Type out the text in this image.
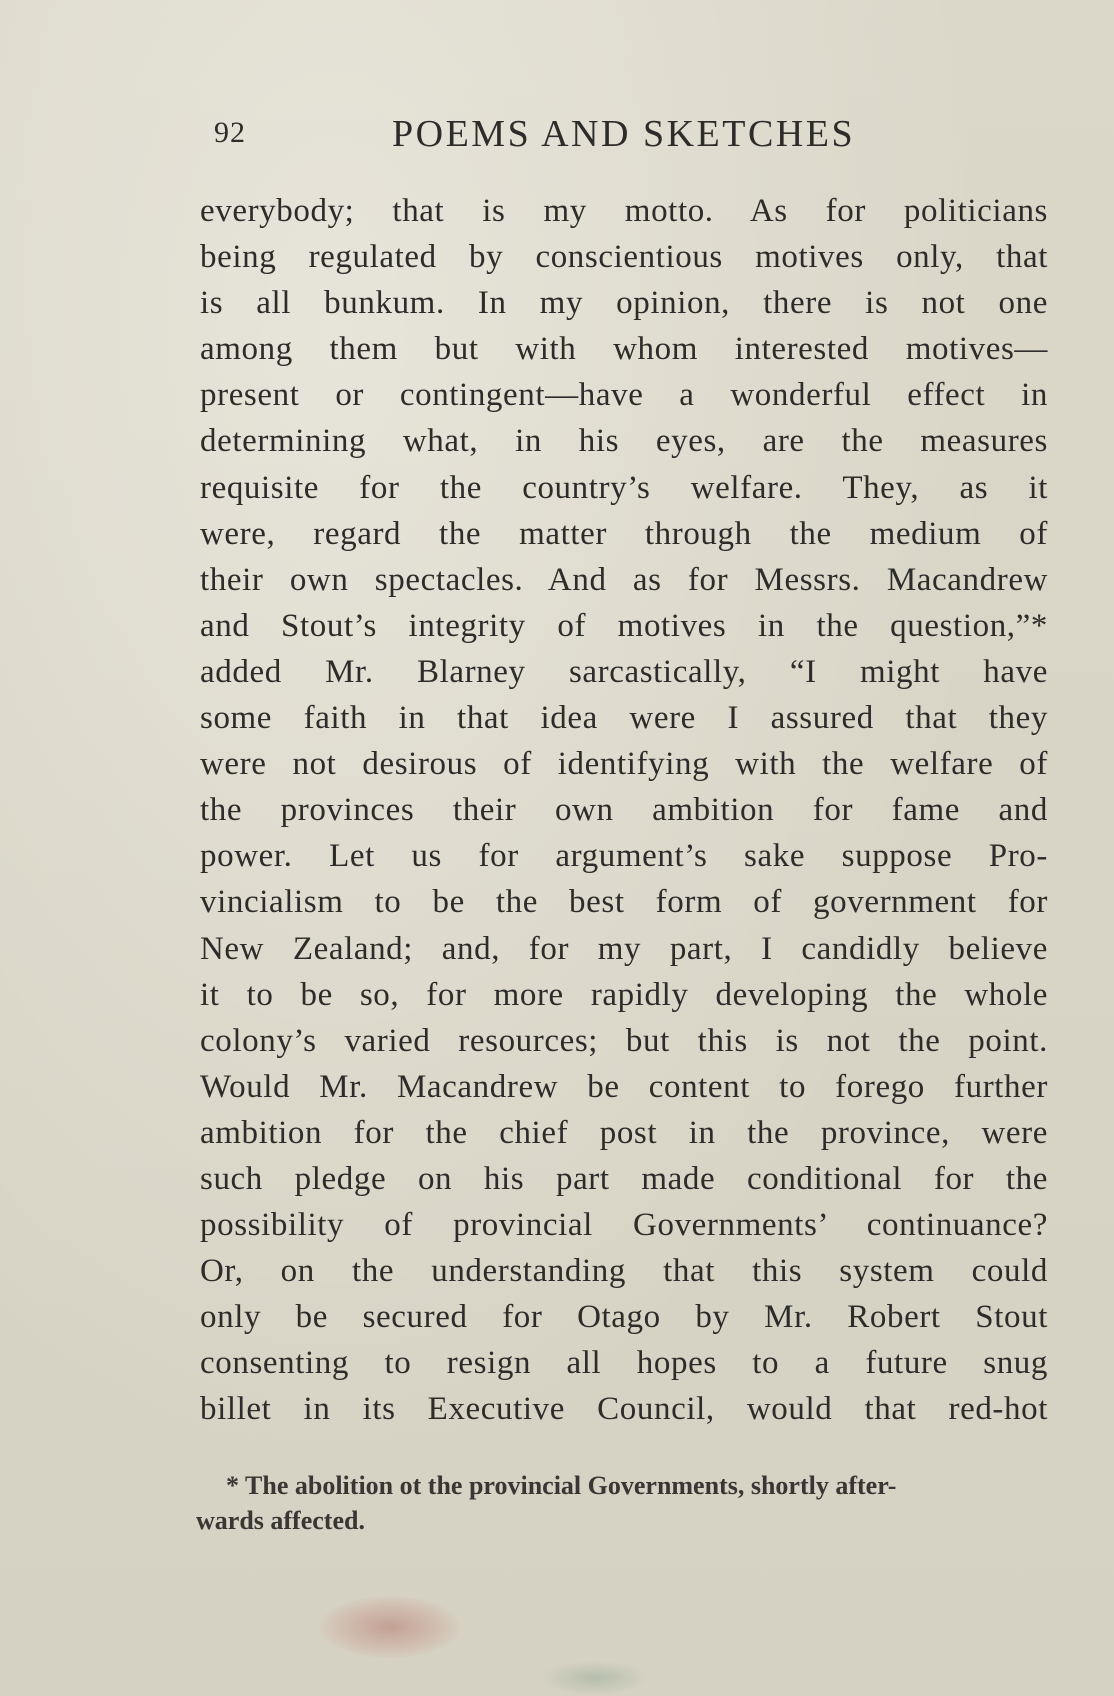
92	POEMS AND SKETCHES
everybody; that is my motto. As for politicians
being regulated by conscientious motives only, that
is all bunkum. In my opinion, there is not one
among them but with whom interested motives—
present or contingent—have a wonderful effect in
determining what, in his eyes, are the measures
requisite for the country’s welfare. They, as it
were, regard the matter through the medium of
their own spectacles. And as for Messrs. Macandrew
and Stout’s integrity of motives in the question,”*
added Mr. Blarney sarcastically, “I might have
some faith in that idea were I assured that they
were not desirous of identifying with the welfare of
the provinces their own ambition for fame and
power. Let us for argument’s sake suppose Pro-
vincialism to be the best form of government for
New Zealand; and, for my part, I candidly believe
it to be so, for more rapidly developing the whole
colony’s varied resources; but this is not the point.
Would Mr. Macandrew be content to forego further
ambition for the chief post in the province, were
such pledge on his part made conditional for the
possibility of provincial Governments’ continuance?
Or, on the understanding that this system could
only be secured for Otago by Mr. Robert Stout
consenting to resign all hopes to a future snug
billet in its Executive Council, would that red-hot
* The abolition ot the provincial Governments, shortly after-
wards affected.
